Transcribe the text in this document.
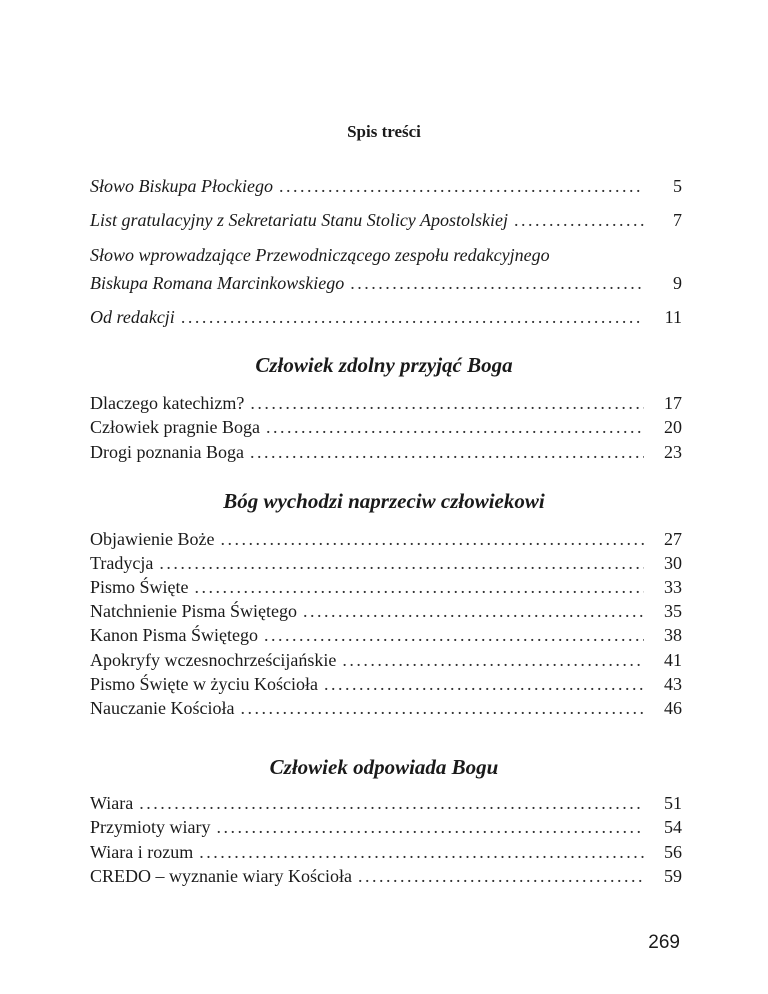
Spis treści
Słowo Biskupa Płockiego . . .	5
List gratulacyjny z Sekretariatu Stanu Stolicy Apostolskiej . . .	7
Słowo wprowadzające Przewodniczącego zespołu redakcyjnego
Biskupa Romana Marcinkowskiego . . .	9
Od redakcji . . .	11
Człowiek zdolny przyjąć Boga
Dlaczego katechizm? . . .	17
Człowiek pragnie Boga . . .	20
Drogi poznania Boga . . .	23
Bóg wychodzi naprzeciw człowiekowi
Objawienie Boże . . .	27
Tradycja . . .	30
Pismo Święte . . .	33
Natchnienie Pisma Świętego . . .	35
Kanon Pisma Świętego . . .	38
Apokryfy wczesnochrześcijańskie . . .	41
Pismo Święte w życiu Kościoła . . .	43
Nauczanie Kościoła . . .	46
Człowiek odpowiada Bogu
Wiara . . .	51
Przymioty wiary . . .	54
Wiara i rozum . . .	56
CREDO – wyznanie wiary Kościoła . . .	59
269
